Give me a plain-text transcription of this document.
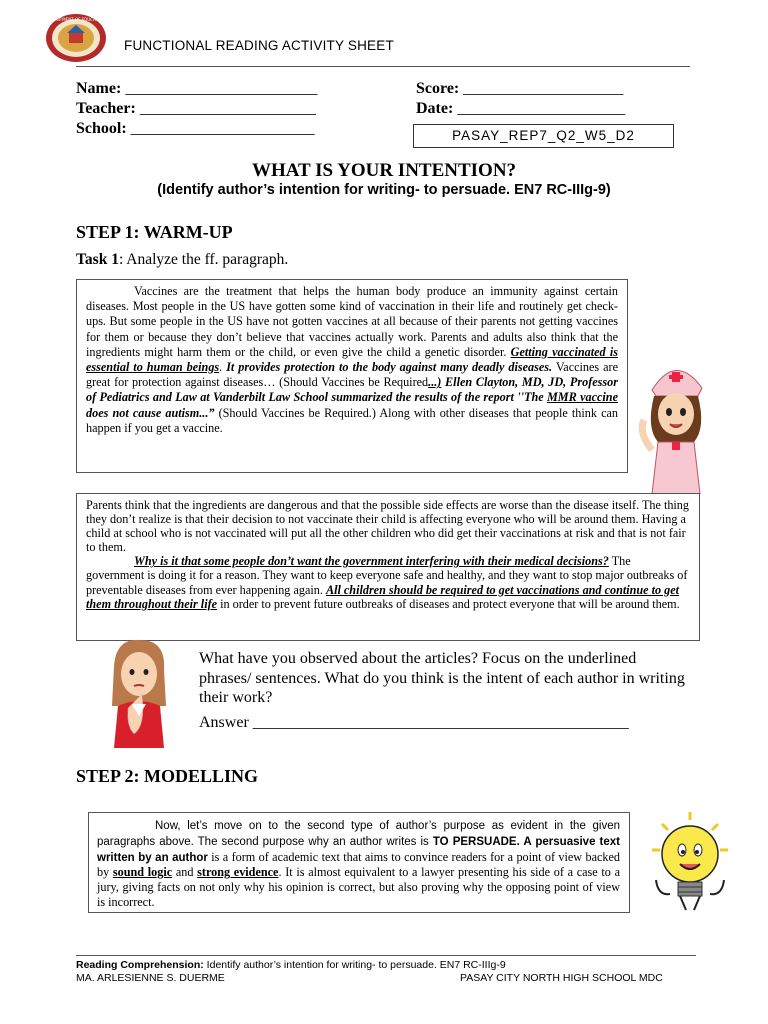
DEPARTMENT OF EDUCATION
FUNCTIONAL READING ACTIVITY SHEET
Name: ________________________
Teacher: ______________________
School: _______________________
Score: ____________________
Date: _____________________
PASAY_REP7_Q2_W5_D2
WHAT IS YOUR INTENTION?
(Identify author’s intention for writing- to persuade. EN7 RC-IIIg-9)
STEP 1: WARM-UP
Task 1: Analyze the ff. paragraph.
Vaccines are the treatment that helps the human body produce an immunity against certain diseases. Most people in the US have gotten some kind of vaccination in their life and routinely get check-ups. But some people in the US have not gotten vaccines at all because of their parents not getting vaccines for them or because they don’t believe that vaccines actually work. Parents and adults also think that the ingredients might harm them or the child, or even give the child a genetic disorder. Getting vaccinated is essential to human beings. It provides protection to the body against many deadly diseases. Vaccines are great for protection against diseases… (Should Vaccines be Required...) Ellen Clayton, MD, JD, Professor of Pediatrics and Law at Vanderbilt Law School summarized the results of the report ''The MMR vaccine does not cause autism...” (Should Vaccines be Required.) Along with other diseases that people think can happen if you get a vaccine.
Parents think that the ingredients are dangerous and that the possible side effects are worse than the disease itself. The thing they don’t realize is that their decision to not vaccinate their child is affecting everyone who will be around them. Having a child at school who is not vaccinated will put all the other children who did get their vaccinations at risk and that is not fair to them.
Why is it that some people don’t want the government interfering with their medical decisions? The government is doing it for a reason. They want to keep everyone safe and healthy, and they want to stop major outbreaks of preventable diseases from ever happening again. All children should be required to get vaccinations and continue to get them throughout their life in order to prevent future outbreaks of diseases and protect everyone that will be around them.
What have you observed about the articles? Focus on the underlined phrases/ sentences. What do you think is the intent of each author in writing their work?
Answer _______________________________________________
STEP 2: MODELLING
Now, let’s move on to the second type of author’s purpose as evident in the given paragraphs above. The second purpose why an author writes is TO PERSUADE. A persuasive text written by an author is a form of academic text that aims to convince readers for a point of view backed by sound logic and strong evidence. It is almost equivalent to a lawyer presenting his side of a case to a jury, giving facts on not only why his opinion is correct, but also proving why the opposing point of view is incorrect.
Reading Comprehension: Identify author’s intention for writing- to persuade. EN7 RC-IIIg-9
MA. ARLESIENNE S. DUERME	PASAY CITY NORTH HIGH SCHOOL MDC
